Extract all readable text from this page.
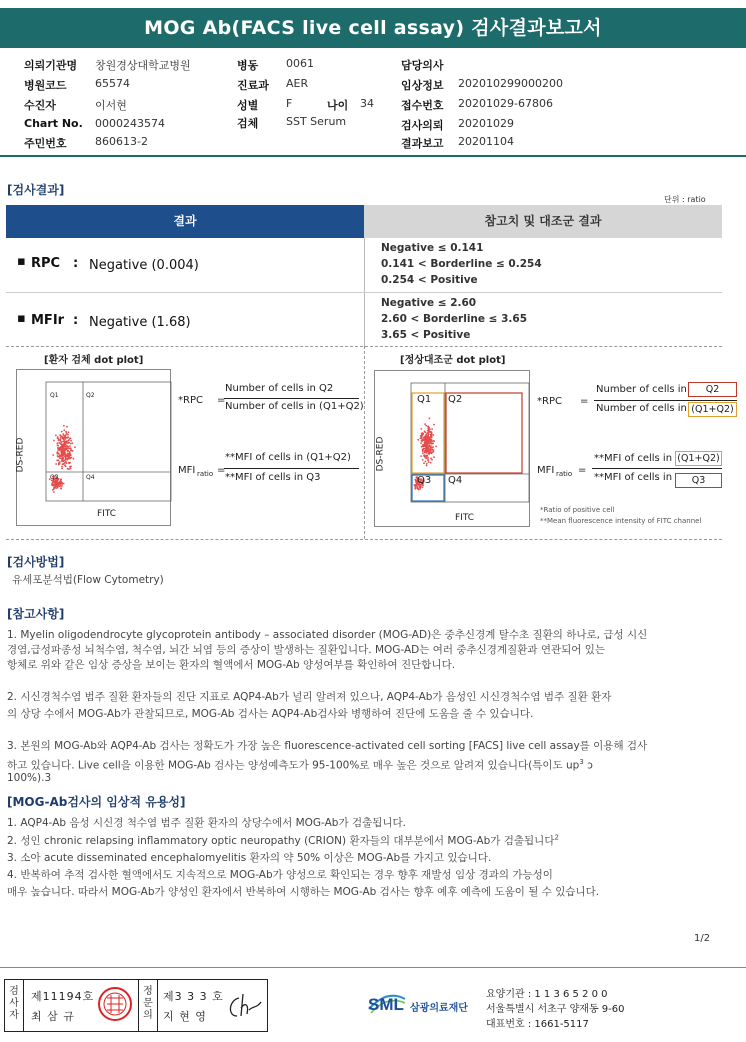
MOG Ab(FACS live cell assay) 검사결과보고서
의뢰기관명 창원경상대학교병원
병원코드	65574
수진자	이서현
Chart No. 0000243574
주민번호	860613-2
병동	0061
진료과 AER
성별	F	나이 34
검체	SST Serum
담당의사
임상정보 202010299000200
접수번호 20201029-67806
검사의뢰 20201029
결과보고 20201104
[검사결과]
단위 : ratio
결과	참고치 및 대조군 결과
▪ RPC : Negative (0.004)
Negative ≤ 0.141
0.141 < Borderline ≤ 0.254
0.254 < Positive
▪ MFIr : Negative (1.68)
Negative ≤ 2.60
2.60 < Borderline ≤ 3.65
3.65 < Positive
[환자 검체 dot plot]
Q1	Q2
Q3	Q4
FITC
DS-RED
*RPC =
Number of cells in Q2
Number of cells in (Q1+Q2)
MFI ratio =
**MFI of cells in (Q1+Q2)
**MFI of cells in Q3
[정상대조군 dot plot]
Q1 Q2
Q3 Q4
FITC
DS-RED
*RPC =
Number of cells in	Q2
Number of cells in (Q1+Q2)
MFI ratio =
**MFI of cells in (Q1+Q2)
**MFI of cells in	Q3
*Ratio of positive cell
**Mean fluorescence intensity of FITC channel
[검사방법]
유세포분석법(Flow Cytometry)
[참고사항]
1. Myelin oligodendrocyte glycoprotein antibody – associated disorder (MOG-AD)은 중추신경계 탈수초 질환의 하나로, 급성 시신
경염,급성파종성 뇌척수염, 척수염, 뇌간 뇌염 등의 증상이 발생하는 질환입니다. MOG-AD는 여러 중추신경계질환과 연관되어 있는
항체로 위와 같은 임상 증상을 보이는 환자의 혈액에서 MOG-Ab 양성여부를 확인하여 진단합니다.
2. 시신경척수염 범주 질환 환자들의 진단 지표로 AQP4-Ab가 널리 알려져 있으나, AQP4-Ab가 음성인 시신경척수염 범주 질환 환자
의 상당 수에서 MOG-Ab가 관찰되므로, MOG-Ab 검사는 AQP4-Ab검사와 병행하여 진단에 도움을 줄 수 있습니다.
3. 본원의 MOG-Ab와 AQP4-Ab 검사는 정확도가 가장 높은 fluorescence-activated cell sorting [FACS] live cell assay를 이용해 검사
하고 있습니다. Live cell을 이용한 MOG-Ab 검사는 양성예측도가 95-100%로 매우 높은 것으로 알려져 있습니다(특이도 $up^3$ ɔ
100%).3
[MOG-Ab검사의 임상적 유용성]
1. AQP4-Ab 음성 시신경 척수염 범주 질환 환자의 상당수에서 MOG-Ab가 검출됩니다.
2. 성인 chronic relapsing inflammatory optic neuropathy (CRION) 환자들의 대부분에서 MOG-Ab가 검출됩니다$^2$
3. 소아 acute disseminated encephalomyelitis 환자의 약 50% 이상은 MOG-Ab를 가지고 있습니다.
4. 반복하여 추적 검사한 혈액에서도 지속적으로 MOG-Ab가 양성으로 확인되는 경우 향후 재발성 임상 경과의 가능성이
매우 높습니다. 따라서 MOG-Ab가 양성인 환자에서 반복하여 시행하는 MOG-Ab 검사는 향후 예후 예측에 도움이 될 수 있습니다.
1/2
검
사
자
제11194호
최 삼 규
정
문
의
제3 3 3 호
지 현 영
SML 삼광의료재단
요양기관 : 1 1 3 6 5 2 0 0
서울특별시 서초구 양재동 9-60
대표번호 : 1661-5117
